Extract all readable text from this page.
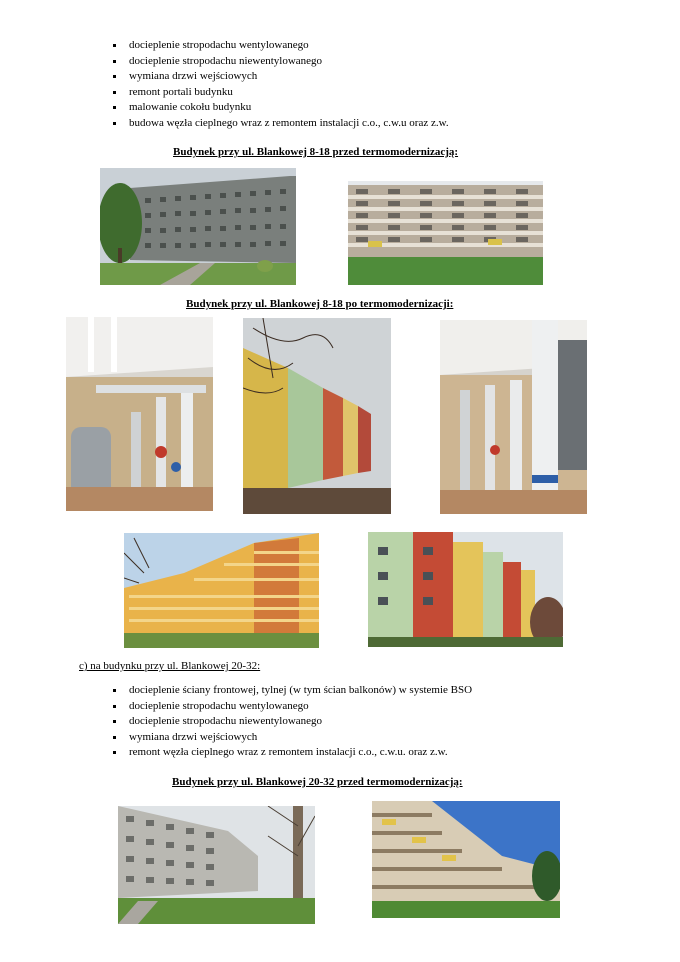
docieplenie stropodachu wentylowanego
docieplenie stropodachu niewentylowanego
wymiana drzwi wejściowych
remont portali budynku
malowanie cokołu budynku
budowa węzła cieplnego wraz z remontem instalacji c.o., c.w.u oraz z.w.
Budynek przy ul. Blankowej 8-18 przed termomodernizacją:
Budynek przy ul. Blankowej 8-18 po termomodernizacji:
c) na budynku przy ul. Blankowej 20-32:
docieplenie ściany frontowej, tylnej (w tym ścian balkonów) w systemie BSO
docieplenie stropodachu wentylowanego
docieplenie stropodachu niewentylowanego
wymiana drzwi wejściowych
remont węzła cieplnego wraz z remontem instalacji c.o., c.w.u. oraz z.w.
Budynek przy ul. Blankowej 20-32 przed termomodernizacją:
